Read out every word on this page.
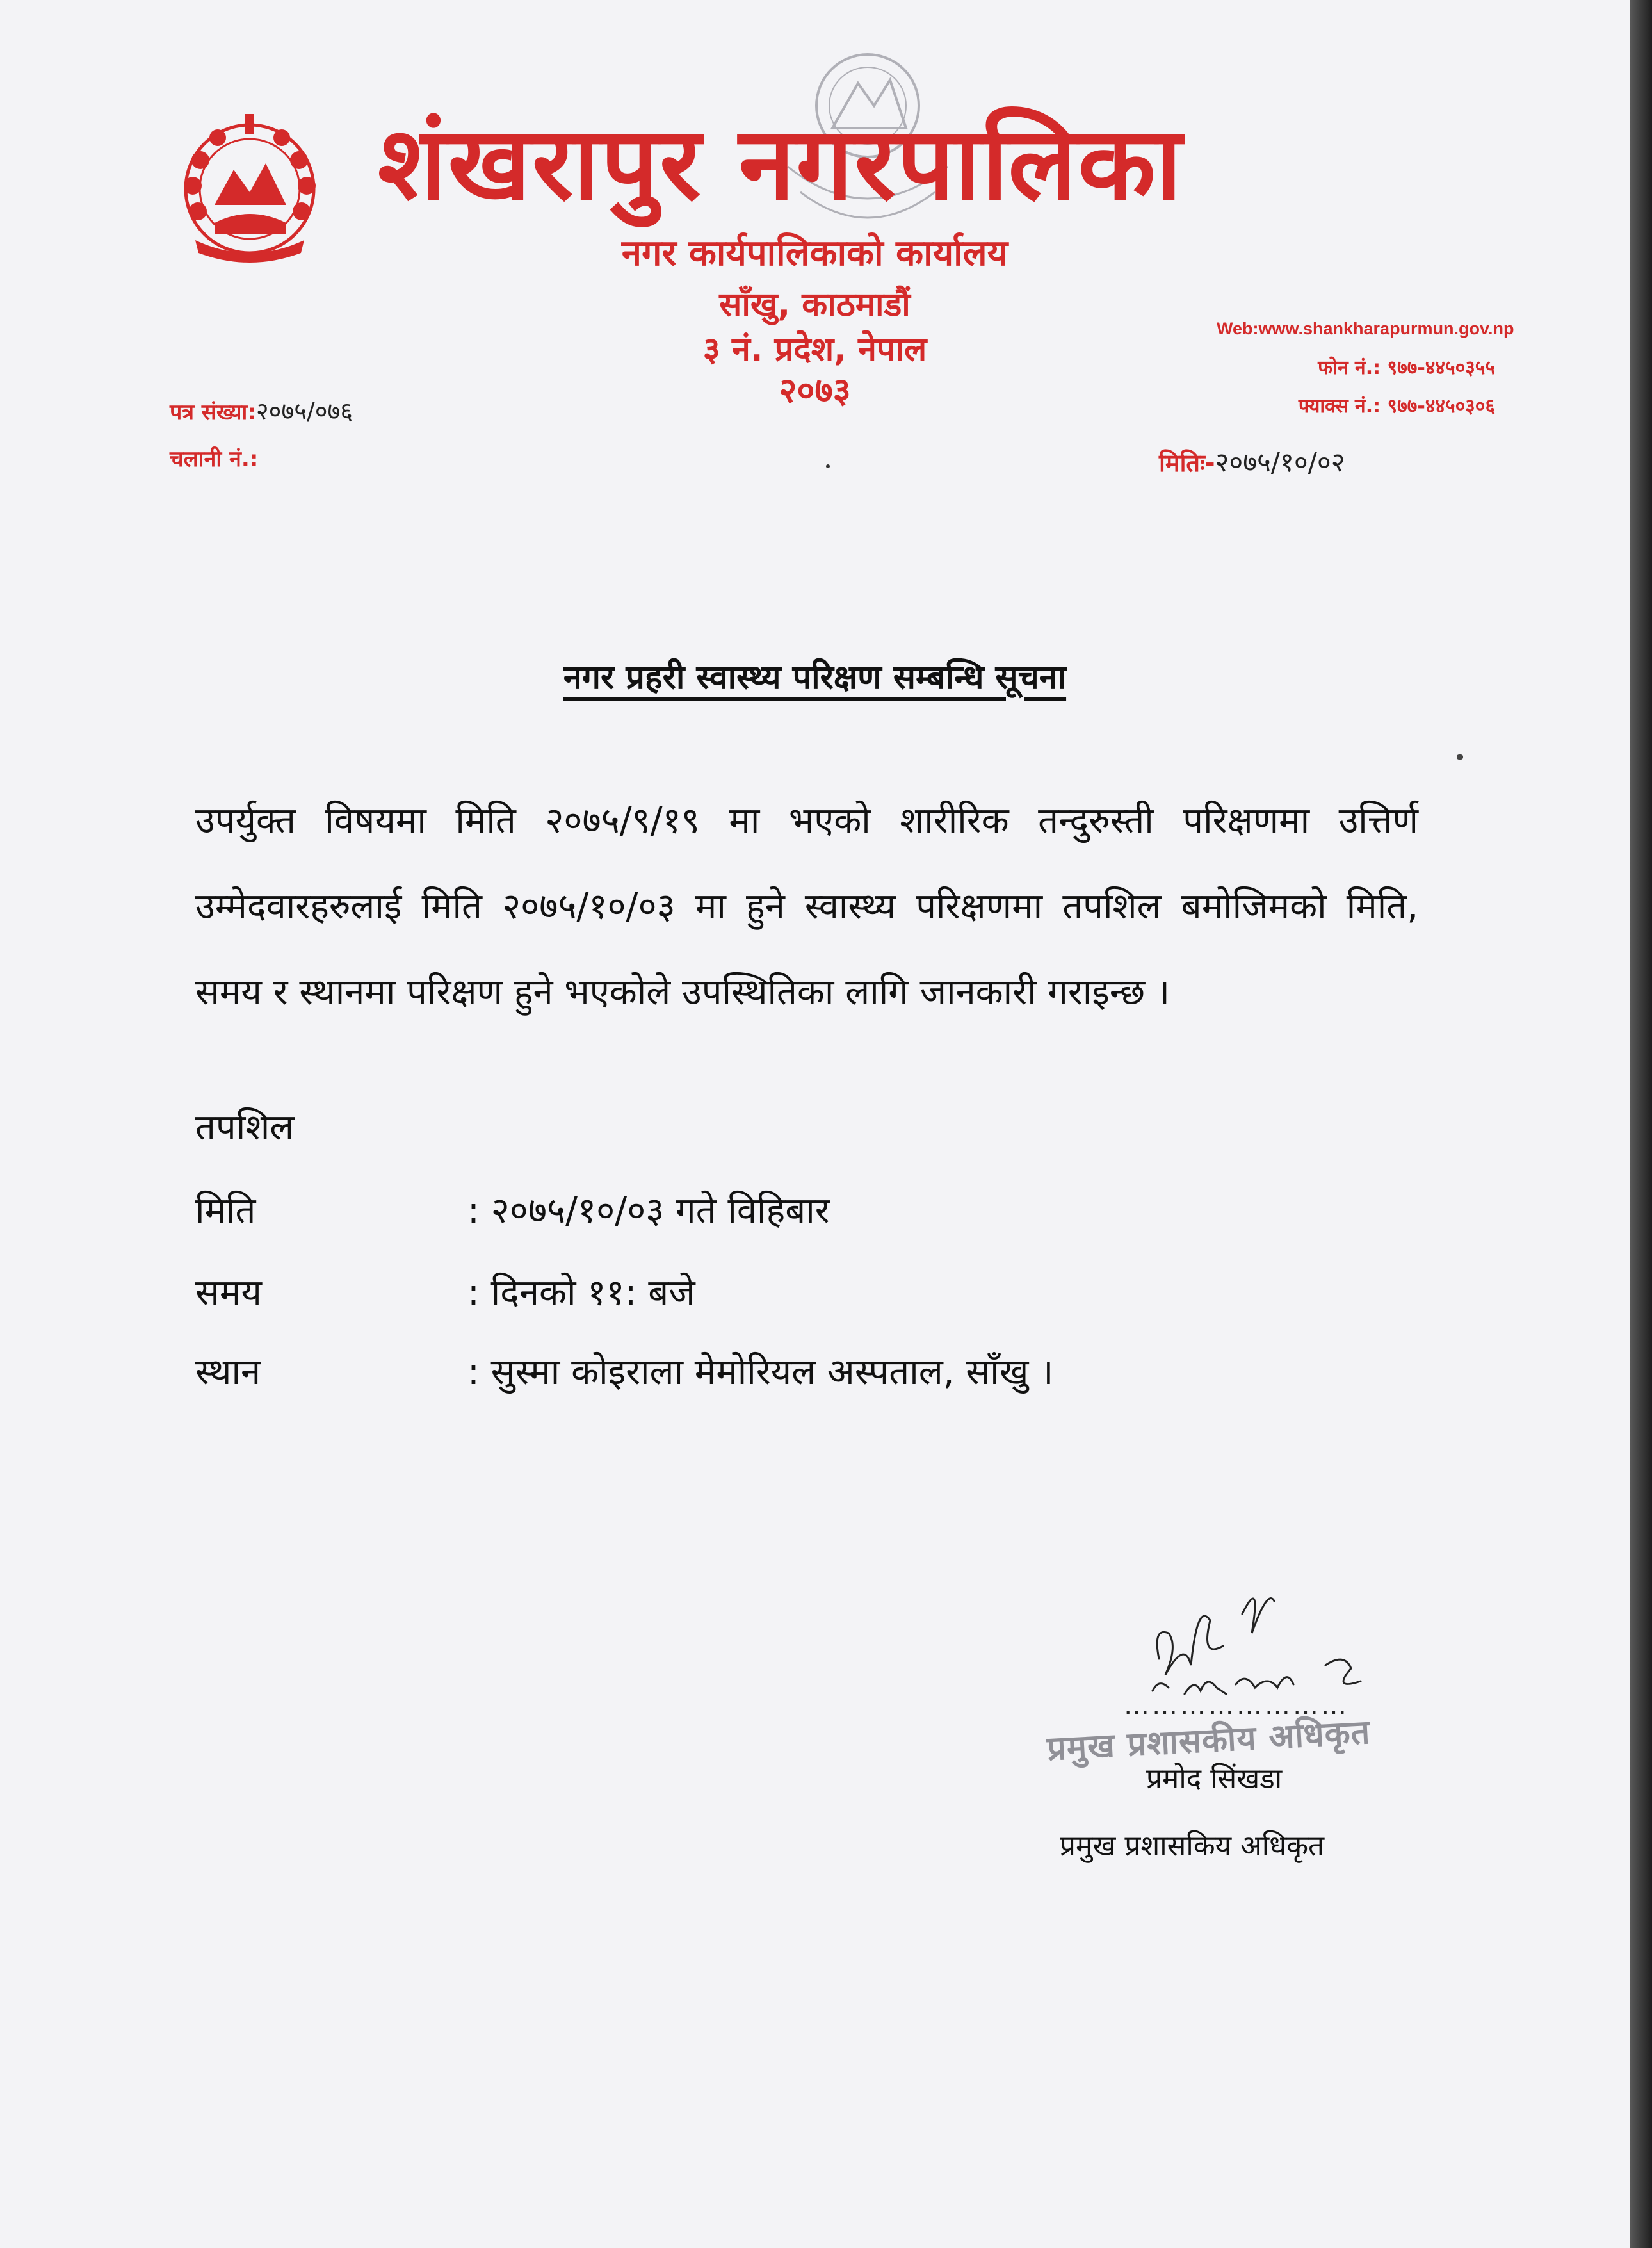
शंखरापुर नगरपालिका
नगर कार्यपालिकाको कार्यालय
साँखु, काठमाडौं
३ नं. प्रदेश, नेपाल
२०७३
Web:www.shankharapurmun.gov.np
फोन नं.: ९७७-४४५०३५५
फ्याक्स नं.: ९७७-४४५०३०६
पत्र संख्या:२०७५/०७६
चलानी नं.:	मितिः-२०७५/१०/०२
नगर प्रहरी स्वास्थ्य परिक्षण सम्बन्धि सूचना
उपर्युक्त विषयमा मिति २०७५/९/१९ मा भएको शारीरिक तन्दुरुस्ती परिक्षणमा उत्तिर्ण उम्मेदवारहरुलाई मिति २०७५/१०/०३ मा हुने स्वास्थ्य परिक्षणमा तपशिल बमोजिमको मिति, समय र स्थानमा परिक्षण हुने भएकोले उपस्थितिका लागि जानकारी गराइन्छ ।
तपशिल
मिति	: २०७५/१०/०३ गते विहिबार
समय	: दिनको ११: बजे
स्थान	: सुस्मा कोइराला मेमोरियल अस्पताल, साँखु ।
……………………
प्रमुख प्रशासकीय अधिकृत
प्रमोद सिंखडा
प्रमुख प्रशासकिय अधिकृत
